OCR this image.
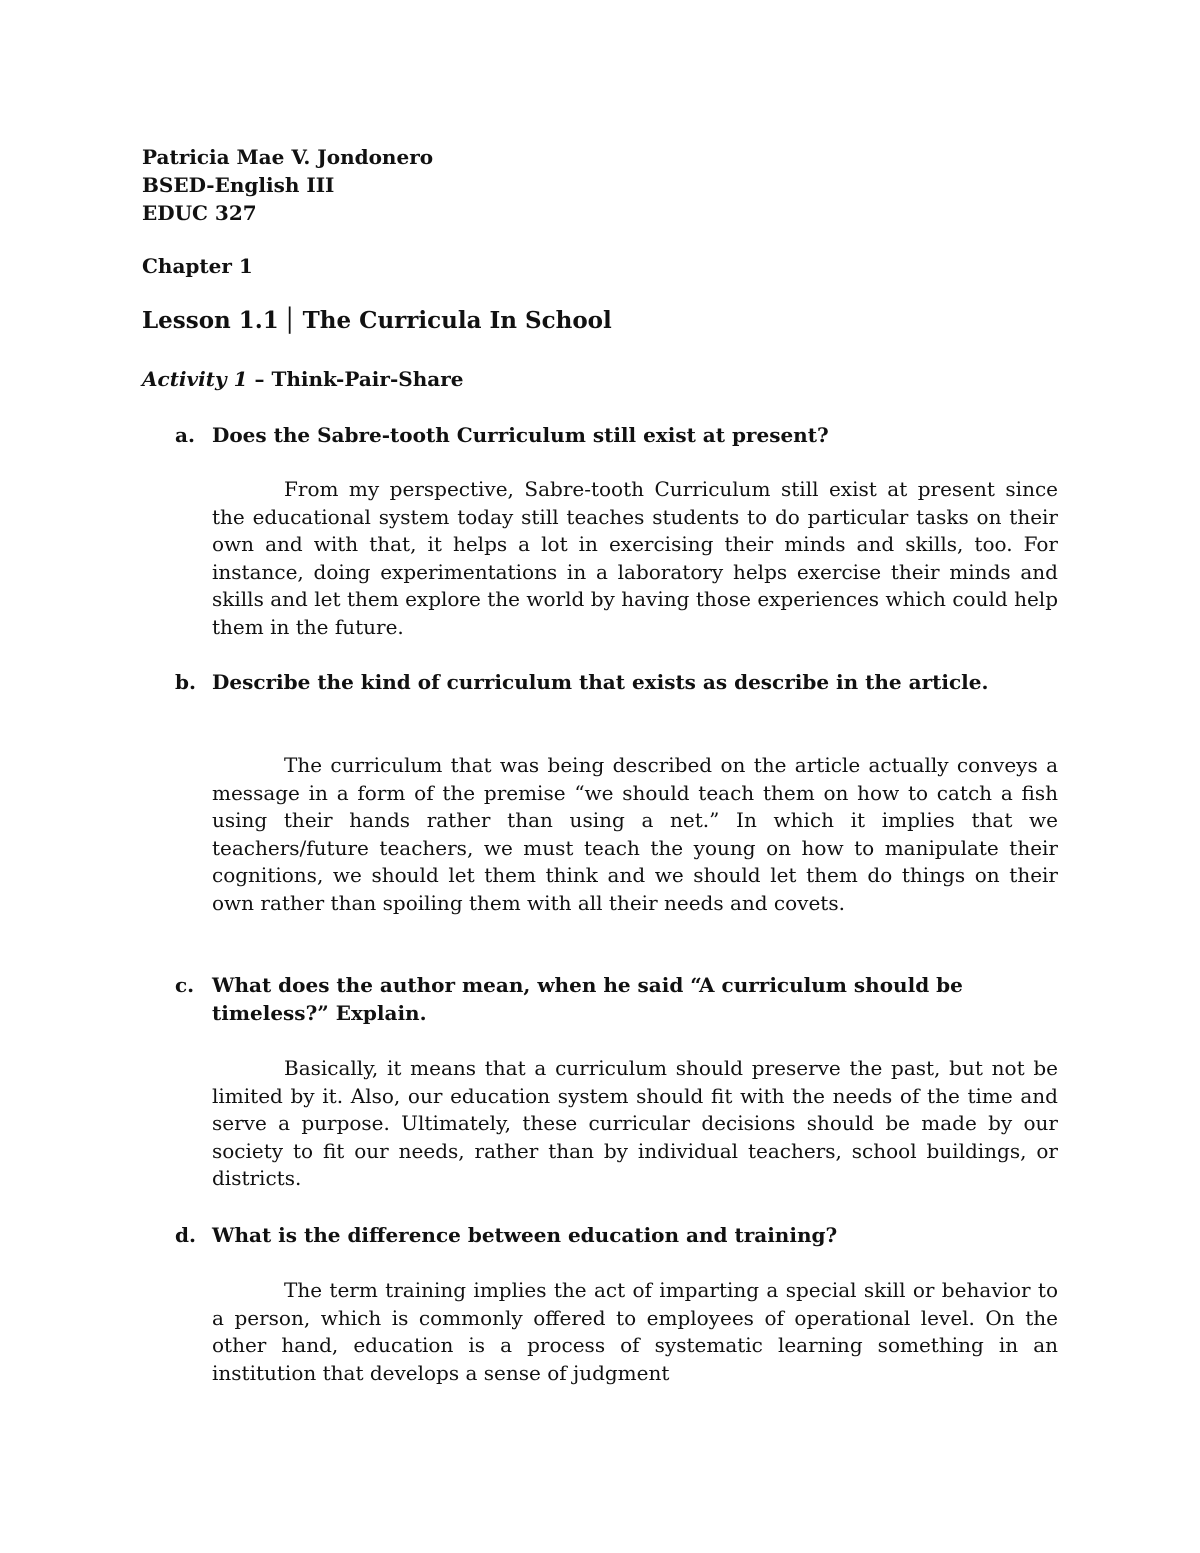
Patricia Mae V. Jondonero
BSED-English III
EDUC 327
Chapter 1
Lesson 1.1 │ The Curricula In School
Activity 1 – Think-Pair-Share
a. Does the Sabre-tooth Curriculum still exist at present?
From my perspective, Sabre-tooth Curriculum still exist at present since the educational system today still teaches students to do particular tasks on their own and with that, it helps a lot in exercising their minds and skills, too. For instance, doing experimentations in a laboratory helps exercise their minds and skills and let them explore the world by having those experiences which could help them in the future.
b. Describe the kind of curriculum that exists as describe in the article.
The curriculum that was being described on the article actually conveys a message in a form of the premise “we should teach them on how to catch a fish using their hands rather than using a net.” In which it implies that we teachers/future teachers, we must teach the young on how to manipulate their cognitions, we should let them think and we should let them do things on their own rather than spoiling them with all their needs and covets.
c. What does the author mean, when he said “A curriculum should be timeless?” Explain.
Basically, it means that a curriculum should preserve the past, but not be limited by it. Also, our education system should fit with the needs of the time and serve a purpose. Ultimately, these curricular decisions should be made by our society to fit our needs, rather than by individual teachers, school buildings, or districts.
d. What is the difference between education and training?
The term training implies the act of imparting a special skill or behavior to a person, which is commonly offered to employees of operational level. On the other hand, education is a process of systematic learning something in an institution that develops a sense of judgment
